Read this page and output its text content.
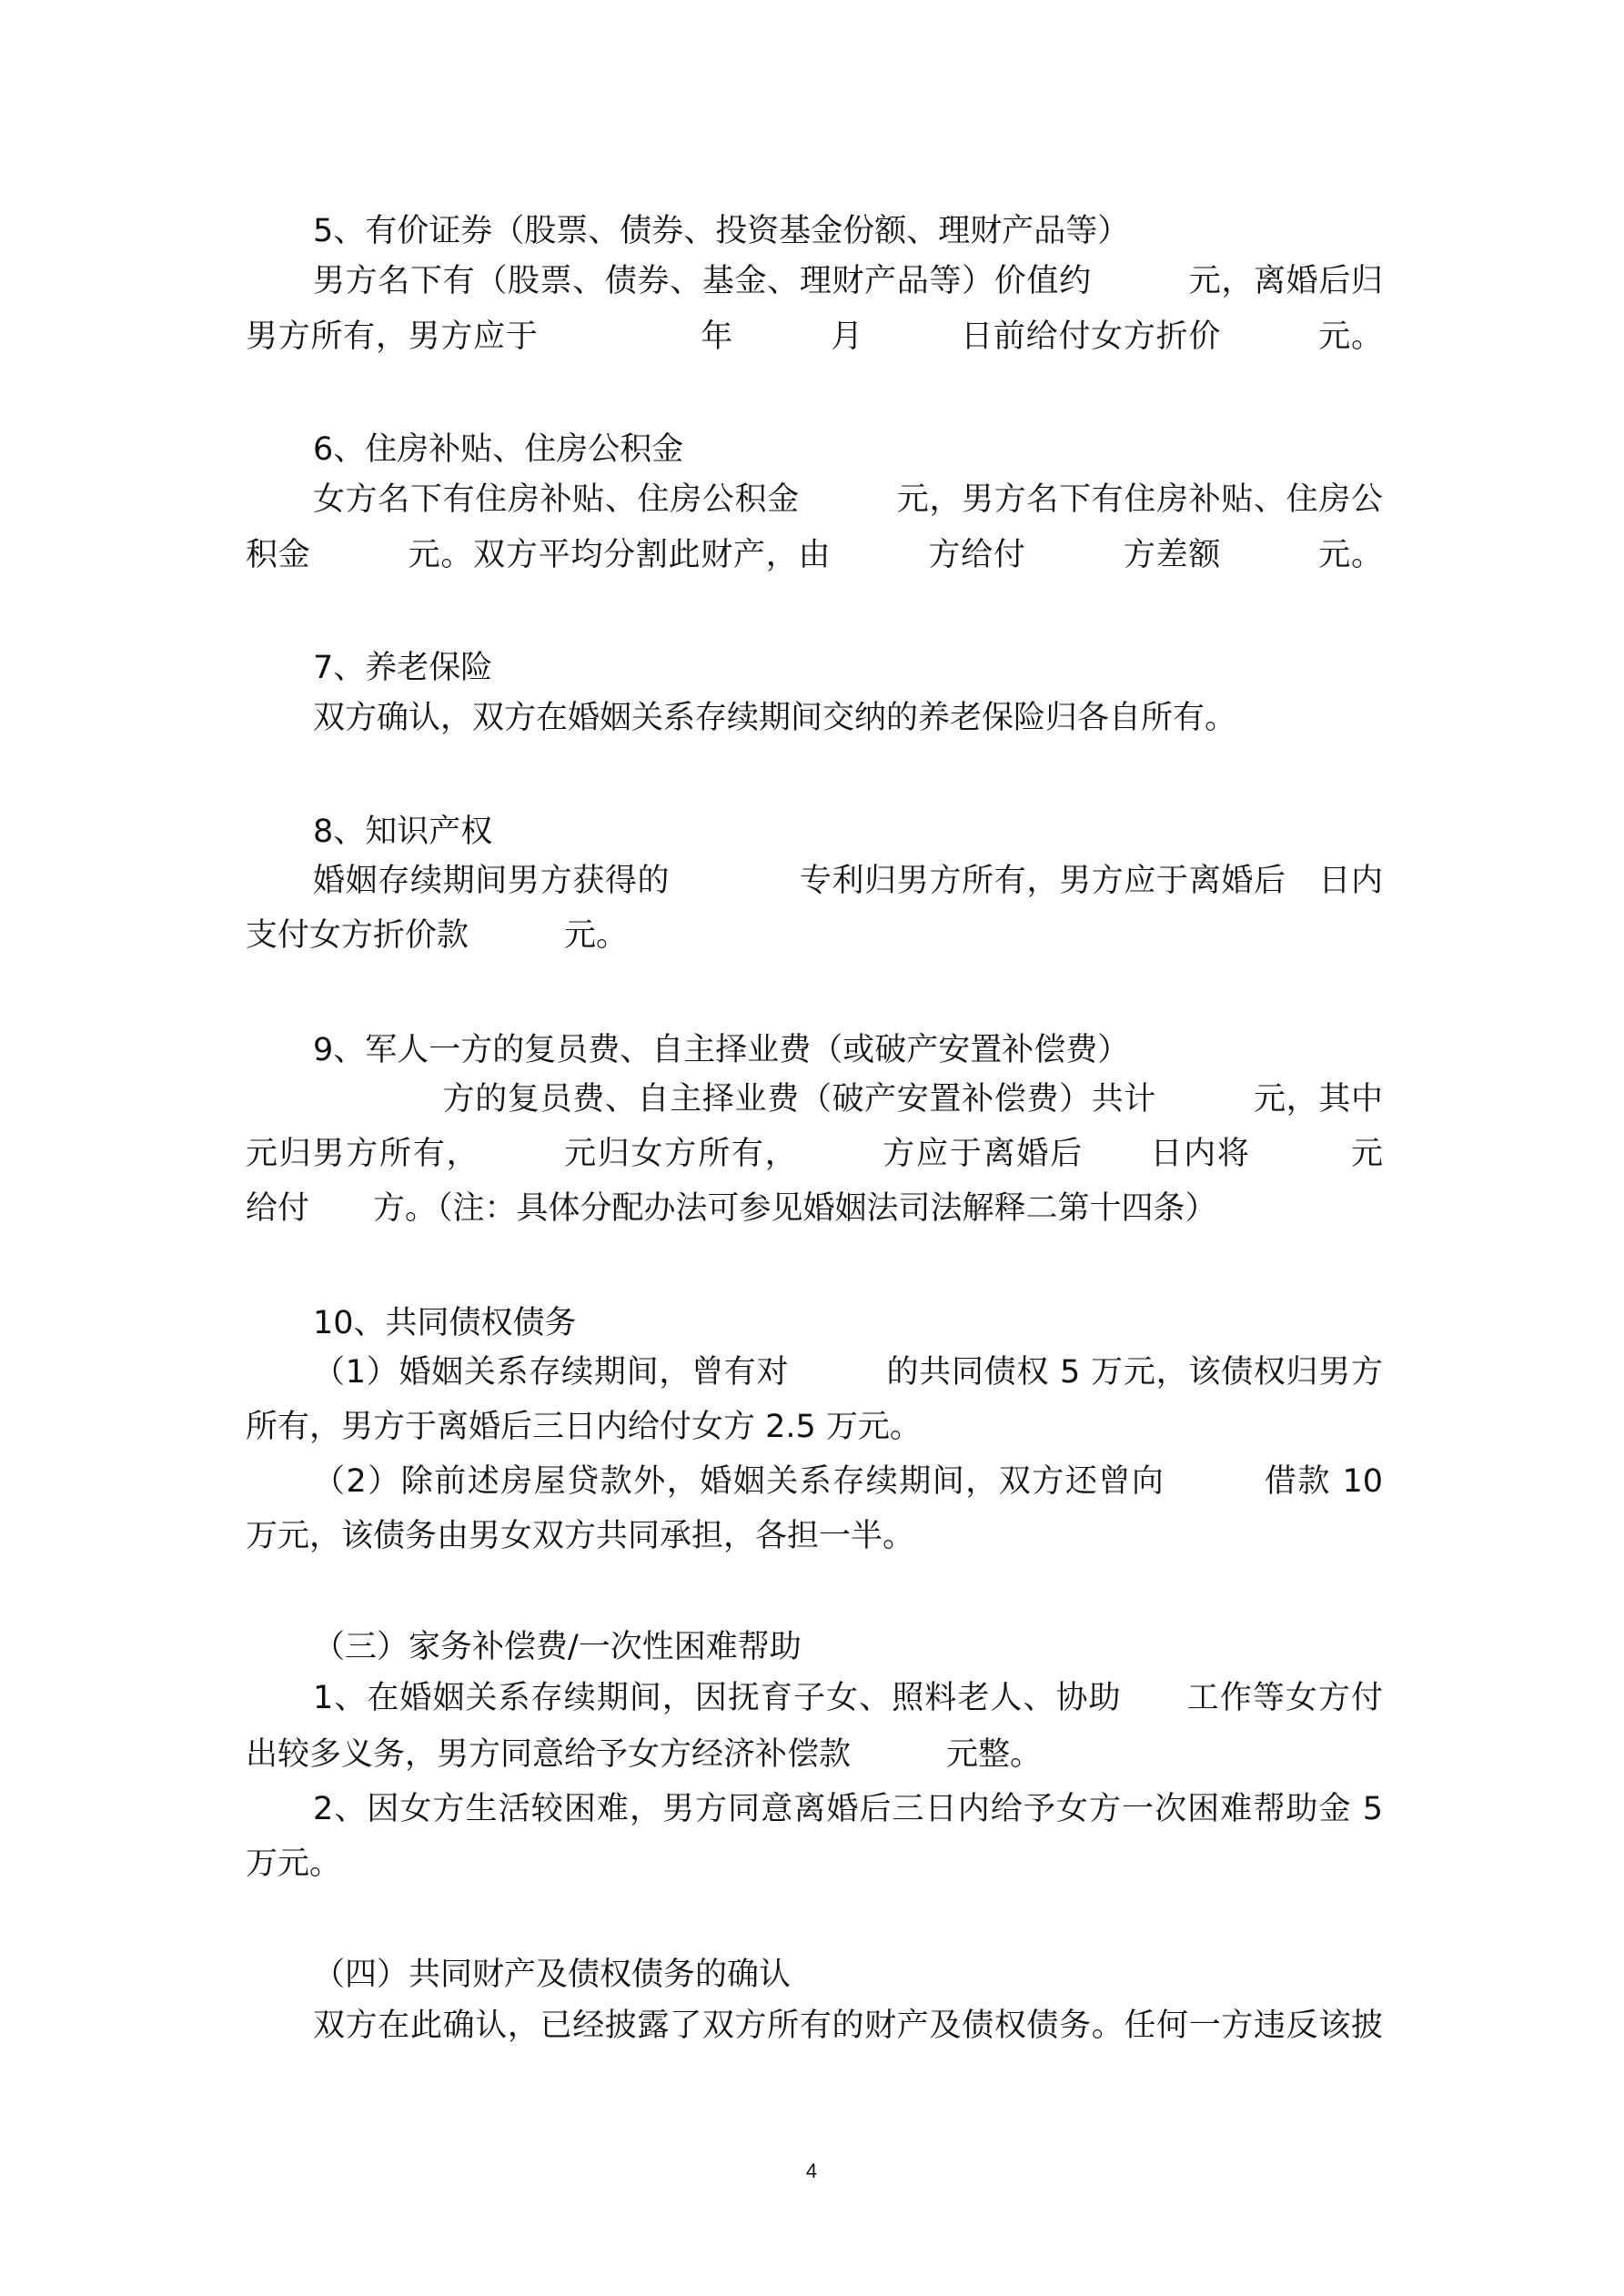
5、有价证券（股票、债券、投资基金份额、理财产品等）
男方名下有（股票、债券、基金、理财产品等）价值约　　　元，离婚后归
男方所有，男方应于　　　　　年　　　月　　　日前给付女方折价　　　元。
6、住房补贴、住房公积金
女方名下有住房补贴、住房公积金　　　元，男方名下有住房补贴、住房公
积金　　　元。双方平均分割此财产，由　　　方给付　　　方差额　　　元。
7、养老保险
双方确认，双方在婚姻关系存续期间交纳的养老保险归各自所有。
8、知识产权
婚姻存续期间男方获得的　　　　专利归男方所有，男方应于离婚后　日内
支付女方折价款　　　元。
9、军人一方的复员费、自主择业费（或破产安置补偿费）
　　　　方的复员费、自主择业费（破产安置补偿费）共计　　　元，其中
元归男方所有，　　　元归女方所有，　　　方应于离婚后　　日内将　　　元
给付　　方。（注：具体分配办法可参见婚姻法司法解释二第十四条）
10、共同债权债务
（1）婚姻关系存续期间，曾有对　　　的共同债权 5 万元，该债权归男方
所有，男方于离婚后三日内给付女方 2.5 万元。
（2）除前述房屋贷款外，婚姻关系存续期间，双方还曾向　　　借款 10
万元，该债务由男女双方共同承担，各担一半。
（三）家务补偿费/一次性困难帮助
1、在婚姻关系存续期间，因抚育子女、照料老人、协助　　工作等女方付
出较多义务，男方同意给予女方经济补偿款　　　元整。
2、因女方生活较困难，男方同意离婚后三日内给予女方一次困难帮助金 5
万元。
（四）共同财产及债权债务的确认
双方在此确认，已经披露了双方所有的财产及债权债务。任何一方违反该披
4
